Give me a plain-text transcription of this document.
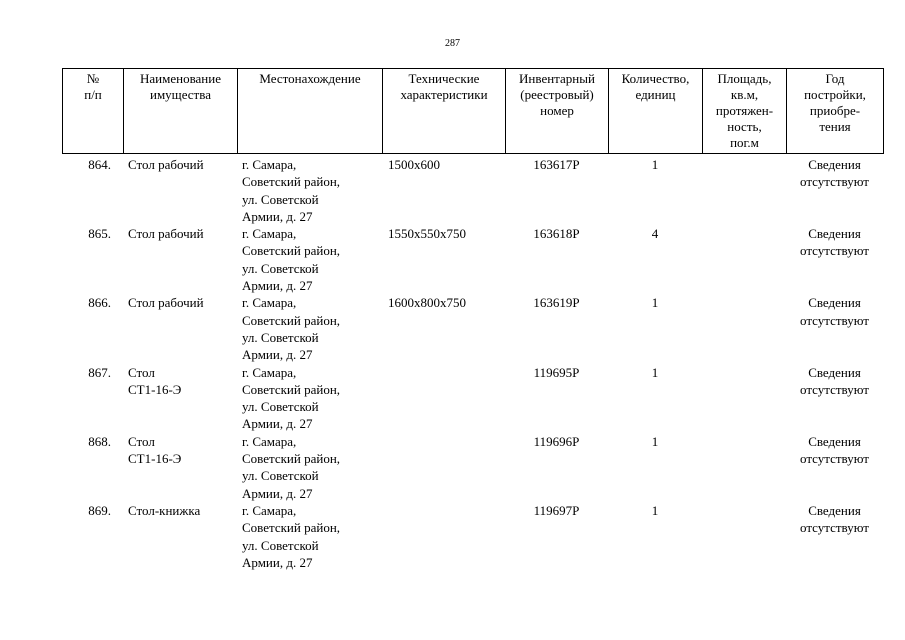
287
№
п/п	Наименование
имущества	Местонахождение	Технические
характеристики	Инвентарный
(реестровый)
номер	Количество,
единиц	Площадь,
кв.м,
протяжен-
ность,
пог.м	Год
постройки,
приобре-
тения
864.	Стол рабочий	г. Самара,
Советский район,
ул. Советской
Армии, д. 27	1500x600	163617Р	1		Сведения
отсутствуют
865.	Стол рабочий	г. Самара,
Советский район,
ул. Советской
Армии, д. 27	1550x550x750	163618Р	4		Сведения
отсутствуют
866.	Стол рабочий	г. Самара,
Советский район,
ул. Советской
Армии, д. 27	1600x800x750	163619Р	1		Сведения
отсутствуют
867.	Стол
СТ1-16-Э	г. Самара,
Советский район,
ул. Советской
Армии, д. 27		119695Р	1		Сведения
отсутствуют
868.	Стол
СТ1-16-Э	г. Самара,
Советский район,
ул. Советской
Армии, д. 27		119696Р	1		Сведения
отсутствуют
869.	Стол-книжка	г. Самара,
Советский район,
ул. Советской
Армии, д. 27		119697Р	1		Сведения
отсутствуют
